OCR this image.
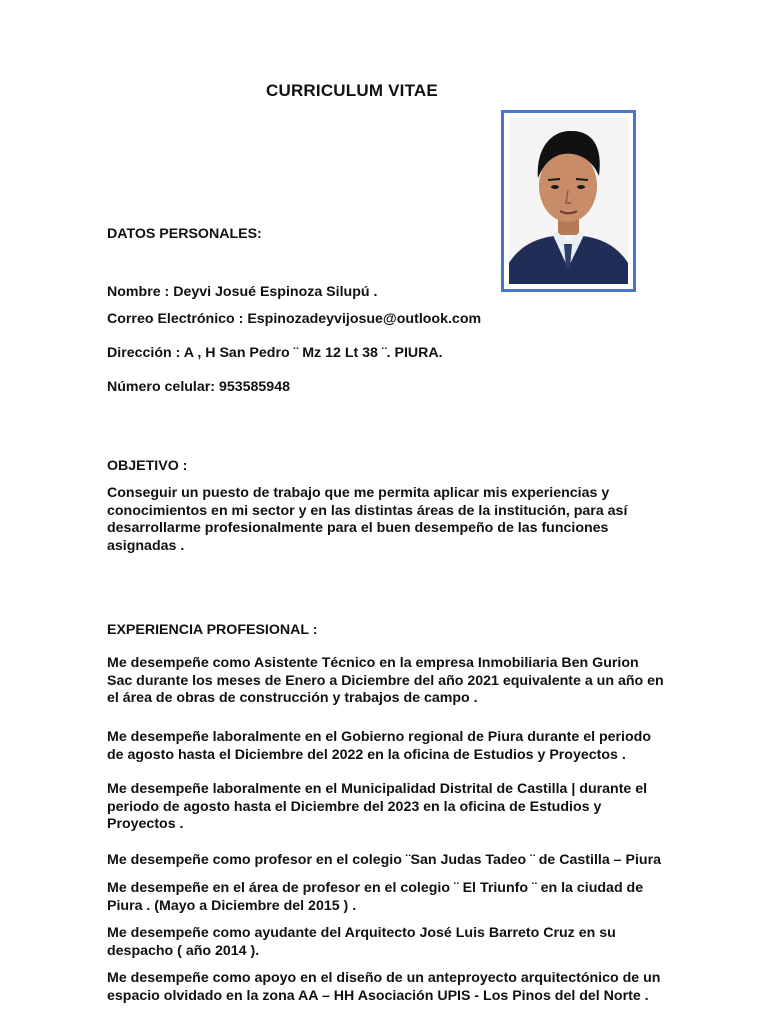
CURRICULUM VITAE
DATOS PERSONALES:
Nombre : Deyvi Josué Espinoza Silupú .
Correo Electrónico : Espinozadeyvijosue@outlook.com
Dirección : A , H San Pedro ¨ Mz 12 Lt 38 ¨. PIURA.
Número celular: 953585948
OBJETIVO :
Conseguir un puesto de trabajo que me permita aplicar mis experiencias y conocimientos en mi sector y en las distintas áreas de la institución, para así desarrollarme profesionalmente para el buen desempeño de las funciones asignadas .
EXPERIENCIA PROFESIONAL :
Me desempeñe como Asistente Técnico en la empresa Inmobiliaria Ben Gurion Sac durante los meses de Enero a Diciembre del año 2021 equivalente a un año en el área de obras de construcción y trabajos de campo .
Me desempeñe laboralmente en el Gobierno regional de Piura durante el periodo de agosto hasta el Diciembre del 2022 en la oficina de Estudios y Proyectos .
Me desempeñe laboralmente en el Municipalidad Distrital de Castilla | durante el periodo de agosto hasta el Diciembre del 2023 en la oficina de Estudios y Proyectos .
Me desempeñe como profesor en el colegio ¨San Judas Tadeo ¨ de Castilla – Piura
Me desempeñe en el área de profesor en el colegio ¨ El Triunfo ¨ en la ciudad de Piura . (Mayo a Diciembre del 2015 ) .
Me desempeñe como ayudante del Arquitecto José Luis Barreto Cruz en su despacho ( año 2014 ).
Me desempeñe como apoyo en el diseño de un anteproyecto arquitectónico de un espacio olvidado en la zona AA – HH Asociación UPIS - Los Pinos del del Norte .
